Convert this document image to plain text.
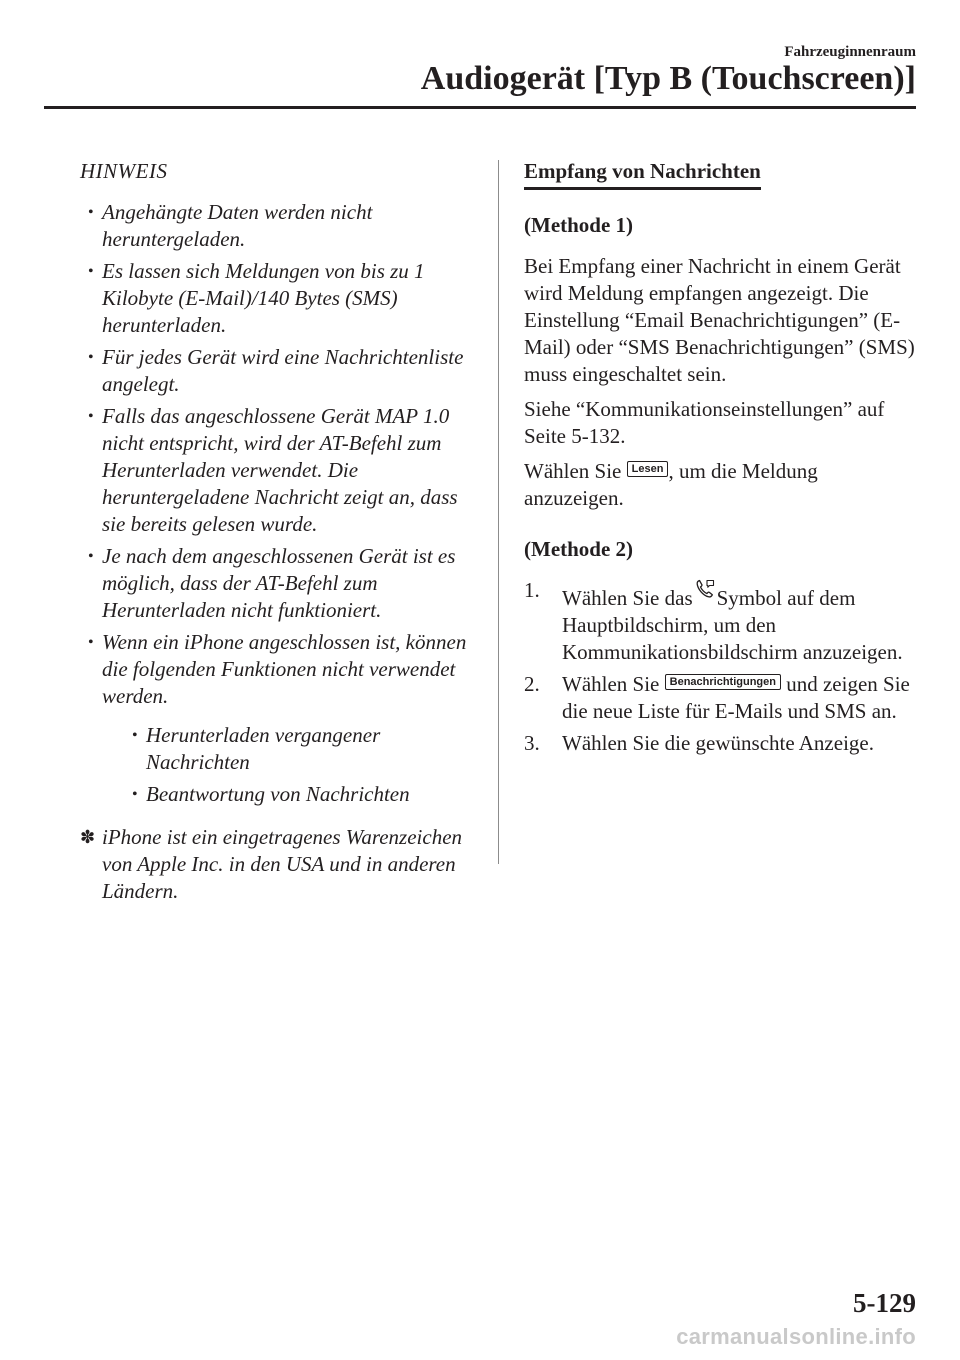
Fahrzeuginnenraum
Audiogerät [Typ B (Touchscreen)]
HINWEIS
• Angehängte Daten werden nicht heruntergeladen.
• Es lassen sich Meldungen von bis zu 1 Kilobyte (E-Mail)/140 Bytes (SMS) herunterladen.
• Für jedes Gerät wird eine Nachrichtenliste angelegt.
• Falls das angeschlossene Gerät MAP 1.0 nicht entspricht, wird der AT-Befehl zum Herunterladen verwendet. Die heruntergeladene Nachricht zeigt an, dass sie bereits gelesen wurde.
• Je nach dem angeschlossenen Gerät ist es möglich, dass der AT-Befehl zum Herunterladen nicht funktioniert.
• Wenn ein iPhone angeschlossen ist, können die folgenden Funktionen nicht verwendet werden.
• Herunterladen vergangener Nachrichten
• Beantwortung von Nachrichten
✽ iPhone ist ein eingetragenes Warenzeichen von Apple Inc. in den USA und in anderen Ländern.
Empfang von Nachrichten
(Methode 1)

Bei Empfang einer Nachricht in einem Gerät wird Meldung empfangen angezeigt. Die Einstellung “Email Benachrichtigungen” (E-Mail) oder “SMS Benachrichtigungen” (SMS) muss eingeschaltet sein.

Siehe “Kommunikationseinstellungen” auf Seite 5-132.

Wählen Sie Lesen , um die Meldung anzuzeigen.

(Methode 2)
1. Wählen Sie das Symbol auf dem Hauptbildschirm, um den Kommunikationsbildschirm anzuzeigen.
2. Wählen Sie Benachrichtigungen und zeigen Sie die neue Liste für E-Mails und SMS an.
3. Wählen Sie die gewünschte Anzeige.
5-129
carmanualsonline.info
